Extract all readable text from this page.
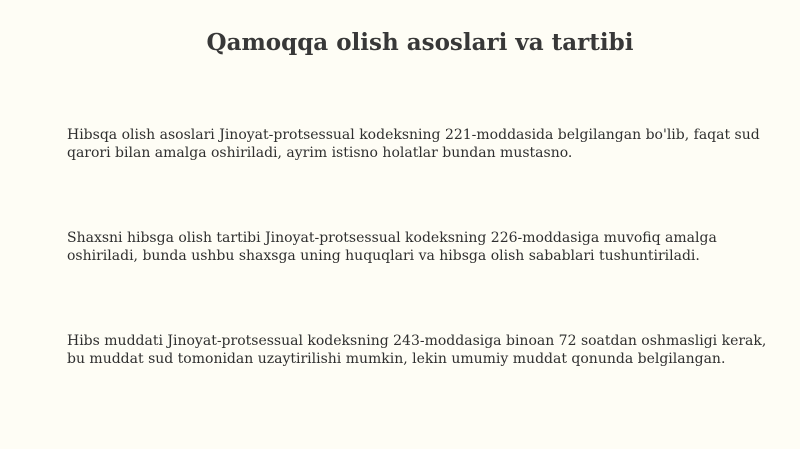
Qamoqqa olish asoslari va tartibi

Hibsqa olish asoslari Jinoyat-protsessual kodeksning 221-moddasida belgilangan bo'lib, faqat sud qarori bilan amalga oshiriladi, ayrim istisno holatlar bundan mustasno.

Shaxsni hibsga olish tartibi Jinoyat-protsessual kodeksning 226-moddasiga muvofiq amalga oshiriladi, bunda ushbu shaxsga uning huquqlari va hibsga olish sabablari tushuntiriladi.

Hibs muddati Jinoyat-protsessual kodeksning 243-moddasiga binoan 72 soatdan oshmasligi kerak, bu muddat sud tomonidan uzaytirilishi mumkin, lekin umumiy muddat qonunda belgilangan.
